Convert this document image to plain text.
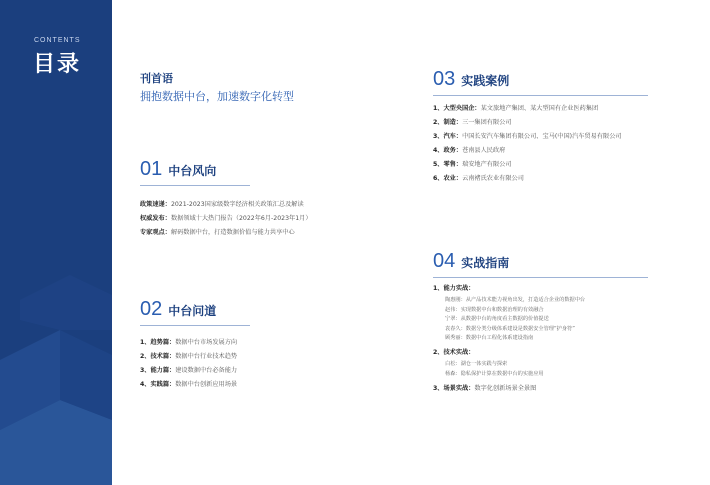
CONTENTS
目录
刊首语
拥抱数据中台，加速数字化转型
01 中台风向
政策速递：2021-2023国家级数字经济相关政策汇总及解读
权威发布：数据领域十大热门报告（2022年6月-2023年1月）
专家观点：解码数据中台，打造数据价值与能力共享中心
02 中台问道
1、趋势篇：数据中台市场发展方向
2、技术篇：数据中台行业技术趋势
3、能力篇：建设数据中台必备能力
4、实践篇：数据中台创新应用场景
03 实践案例
1、大型央国企：某文旅地产集团、某大型国有企业医药集团
2、制造：三一集团有限公司
3、汽车：中国长安汽车集团有限公司、宝马(中国)汽车贸易有限公司
4、政务：苍南县人民政府
5、零售：瑞安地产有限公司
6、农业：云南褚氏农业有限公司
04 实战指南
1、能力实战：
陶惠刚：从产品技术能力视角出发，打造适合企业的数据中台
赵伟：实现数据中台和数据治理的有效融合
宁翠：从数据中台的角度看主数据的价值提送
袁春久：数据分类分级体系建设是数据安全管理“护身符”
顾秀丽：数据中台工程化体系建设指南
2、技术实战：
白松：湖仓一体实践与探索
杨森：隐私保护计算在数据中台的实施应用
3、场景实战：数字化创新场景全景图
